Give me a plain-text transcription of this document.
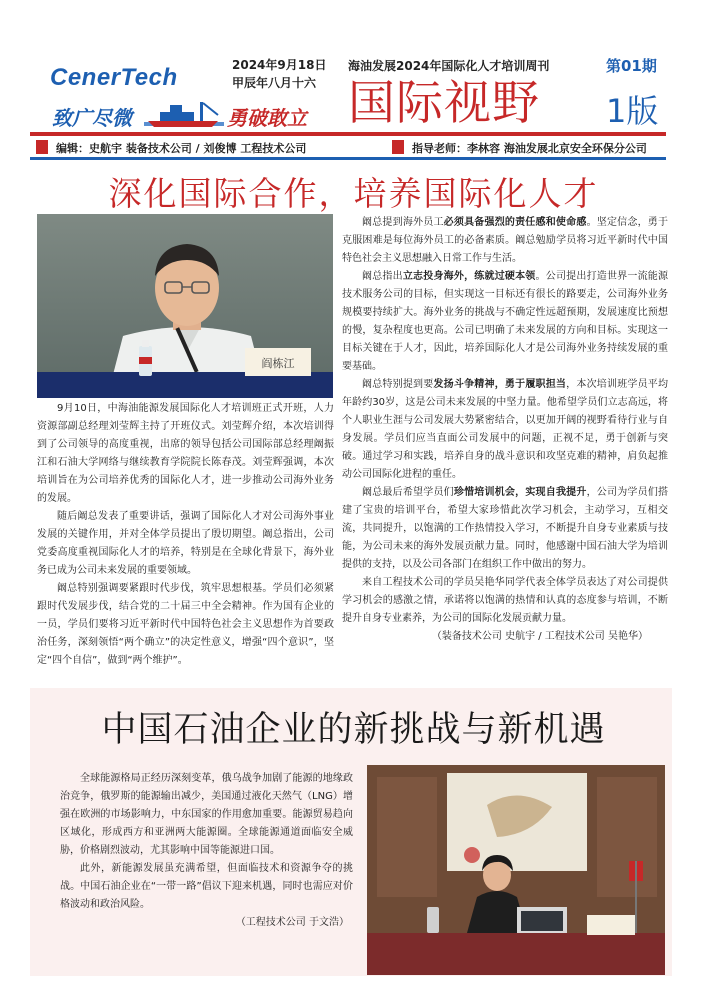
CenerTech
致广尽微	勇破敢立
2024年9月18日
甲辰年八月十六
海油发展2024年国际化人才培训周刊	第01期
国际视野 1版
编辑：史航宇 装备技术公司 / 刘俊博 工程技术公司	指导老师：李林容 海油发展北京安全环保分公司
深化国际合作，培养国际化人才
阎栋江

9月10日，中海油能源发展国际化人才培训班正式开班，人力资源部副总经理刘莹辉主持了开班仪式。刘莹辉介绍，本次培训得到了公司领导的高度重视，出席的领导包括公司国际部总经理阚振江和石油大学网络与继续教育学院院长陈春茂。刘莹辉强调，本次培训旨在为公司培养优秀的国际化人才，进一步推动公司海外业务的发展。

随后阚总发表了重要讲话，强调了国际化人才对公司海外事业发展的关键作用，并对全体学员提出了殷切期望。阚总指出，公司党委高度重视国际化人才的培养，特别是在全球化背景下，海外业务已成为公司未来发展的重要领域。

阚总特别强调要紧跟时代步伐，筑牢思想根基。学员们必须紧跟时代发展步伐，结合党的二十届三中全会精神。作为国有企业的一员，学员们要将习近平新时代中国特色社会主义思想作为首要政治任务，深刻领悟“两个确立”的决定性意义，增强“四个意识”，坚定“四个自信”，做到“两个维护”。

阚总提到海外员工必须具备强烈的责任感和使命感。坚定信念，勇于克服困难是每位海外员工的必备素质。阚总勉励学员将习近平新时代中国特色社会主义思想融入日常工作与生活。

阚总指出立志投身海外，练就过硬本领。公司提出打造世界一流能源技术服务公司的目标，但实现这一目标还有很长的路要走，公司海外业务规模要持续扩大。海外业务的挑战与不确定性远超预期，发展速度比预想的慢，复杂程度也更高。公司已明确了未来发展的方向和目标。实现这一目标关键在于人才，因此，培养国际化人才是公司海外业务持续发展的重要基础。

阚总特别提到要发扬斗争精神，勇于履职担当，本次培训班学员平均年龄约30岁，这是公司未来发展的中坚力量。他希望学员们立志高远，将个人职业生涯与公司发展大势紧密结合，以更加开阔的视野看待行业与自身发展。学员们应当直面公司发展中的问题，正视不足，勇于创新与突破。通过学习和实践，培养自身的战斗意识和攻坚克难的精神，肩负起推动公司国际化进程的重任。

阚总最后希望学员们珍惜培训机会，实现自我提升，公司为学员们搭建了宝贵的培训平台，希望大家珍惜此次学习机会，主动学习，互相交流，共同提升，以饱满的工作热情投入学习，不断提升自身专业素质与技能，为公司未来的海外发展贡献力量。同时，他感谢中国石油大学为培训提供的支持，以及公司各部门在组织工作中做出的努力。

来自工程技术公司的学员吴艳华同学代表全体学员表达了对公司提供学习机会的感激之情，承诺将以饱满的热情和认真的态度参与培训，不断提升自身专业素养，为公司的国际化发展贡献力量。

（装备技术公司 史航宇 / 工程技术公司 吴艳华）

中国石油企业的新挑战与新机遇

全球能源格局正经历深刻变革，俄乌战争加剧了能源的地缘政治竞争，俄罗斯的能源输出减少，美国通过液化天然气（LNG）增强在欧洲的市场影响力，中东国家的作用愈加重要。能源贸易趋向区域化，形成西方和亚洲两大能源圈。全球能源通道面临安全威胁，价格剧烈波动，尤其影响中国等能源进口国。

此外，新能源发展虽充满希望，但面临技术和资源争夺的挑战。中国石油企业在“一带一路”倡议下迎来机遇，同时也需应对价格波动和政治风险。

（工程技术公司 于文浩）
